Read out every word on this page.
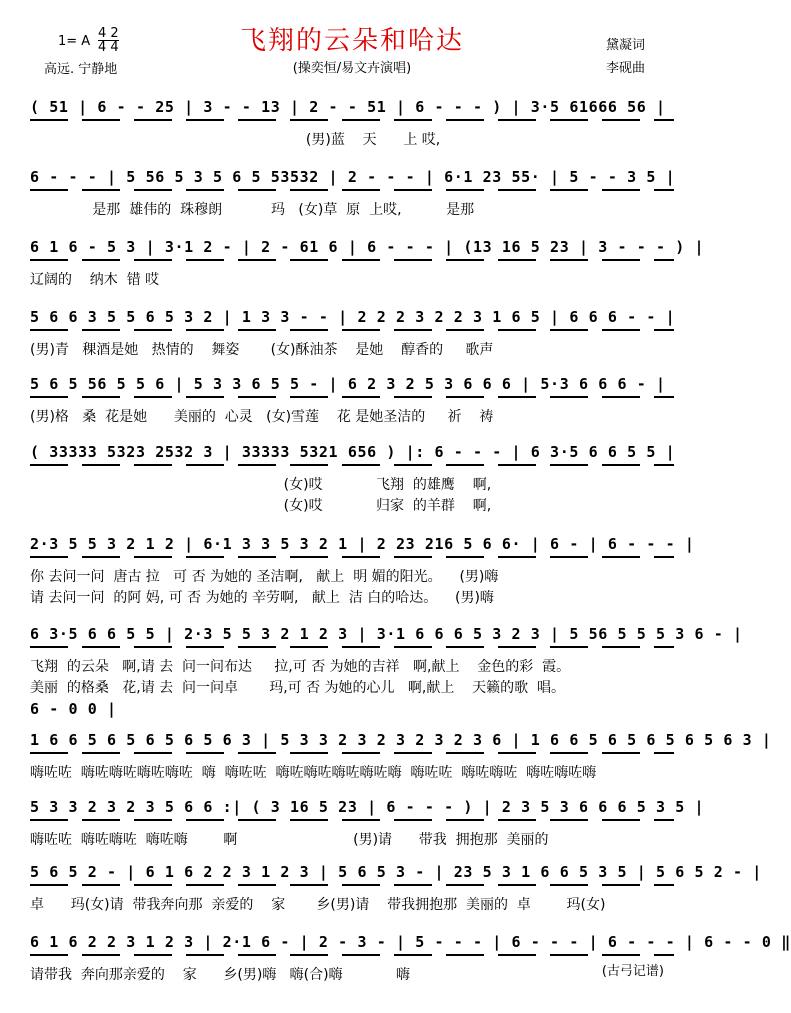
1= A
4 2
4 4
高远. 宁静地
飞翔的云朵和哈达
(操奕恒/易文卉演唱)
黛凝词
李砚曲
( 51 | 6 - - 25 | 3 - - 13 | 2 - - 51 | 6 - - - ) | 3·5 61666 56 |
(男)蓝    天      上 哎,
6 - - - | 5 56 5 3 5 6 5 53532 | 2 - - - | 6·1 23 55· | 5 - - 3 5 |
是那  雄伟的  珠穆朗           玛   (女)草  原  上哎,          是那
6 1 6 - 5 3 | 3·1 2 - | 2 - 61 6 | 6 - - - | (13 16 5 23 | 3 - - - ) |
辽阔的    纳木  错 哎
5 6 6 3 5 5 6 5 3 2 | 1 3 3 - - | 2 2 2 3 2 2 3 1 6 5 | 6 6 6 - - |
(男)青   稞酒是她   热情的    舞姿       (女)酥油茶    是她    醇香的     歌声
5 6 5 56 5 5 6 | 5 3 3 6 5 5 - | 6 2 3 2 5 3 6 6 6 | 5·3 6 6 6 - |
(男)格   桑  花是她      美丽的  心灵   (女)雪莲    花 是她圣洁的     祈    祷
( 33333 5323 2532 3 | 33333 5321 656 ) |: 6 - - - | 6 3·5 6 6 5 5 |
(女)哎            飞翔  的雄鹰    啊,
(女)哎            归家  的羊群    啊,
2·3 5 5 3 2 1 2 | 6·1 3 3 5 3 2 1 | 2 23 216 5 6 6· | 6 - | 6 - - - |
你 去问一问  唐古 拉   可 否 为她的 圣洁啊,   献上  明 媚的阳光。    (男)嗨
请 去问一问  的阿 妈, 可 否 为她的 辛劳啊,   献上  洁 白的哈达。    (男)嗨
6 3·5 6 6 5 5 | 2·3 5 5 3 2 1 2 3 | 3·1 6 6 6 5 3 2 3 | 5 56 5 5 5 3 6 - |
飞翔  的云朵   啊,请 去  问一问布达     拉,可 否 为她的吉祥   啊,献上    金色的彩  霞。
美丽  的格桑   花,请 去  问一问卓       玛,可 否 为她的心儿   啊,献上    天籁的歌  唱。
6 - 0 0 |
1 6 6 5 6 5 6 5 6 5 6 3 | 5 3 3 2 3 2 3 2 3 2 3 6 | 1 6 6 5 6 5 6 5 6 5 6 3 |
嗨咗咗  嗨咗嗨咗嗨咗嗨咗  嗨  嗨咗咗  嗨咗嗨咗嗨咗嗨咗嗨  嗨咗咗  嗨咗嗨咗  嗨咗嗨咗嗨
5 3 3 2 3 2 3 5 6 6 :| ( 3 16 5 23 | 6 - - - ) | 2 3 5 3 6 6 6 5 3 5 |
嗨咗咗  嗨咗嗨咗  嗨咗嗨        啊                          (男)请      带我  拥抱那  美丽的
5 6 5 2 - | 6 1 6 2 2 3 1 2 3 | 5 6 5 3 - | 23 5 3 1 6 6 5 3 5 | 5 6 5 2 - |
卓      玛(女)请  带我奔向那  亲爱的    家       乡(男)请    带我拥抱那  美丽的  卓        玛(女)
6 1 6 2 2 3 1 2 3 | 2·1 6 - | 2 - 3 - | 5 - - - | 6 - - - | 6 - - - | 6 - - 0 ‖
请带我  奔向那亲爱的    家      乡(男)嗨   嗨(合)嗨            嗨	(古弓记谱)
